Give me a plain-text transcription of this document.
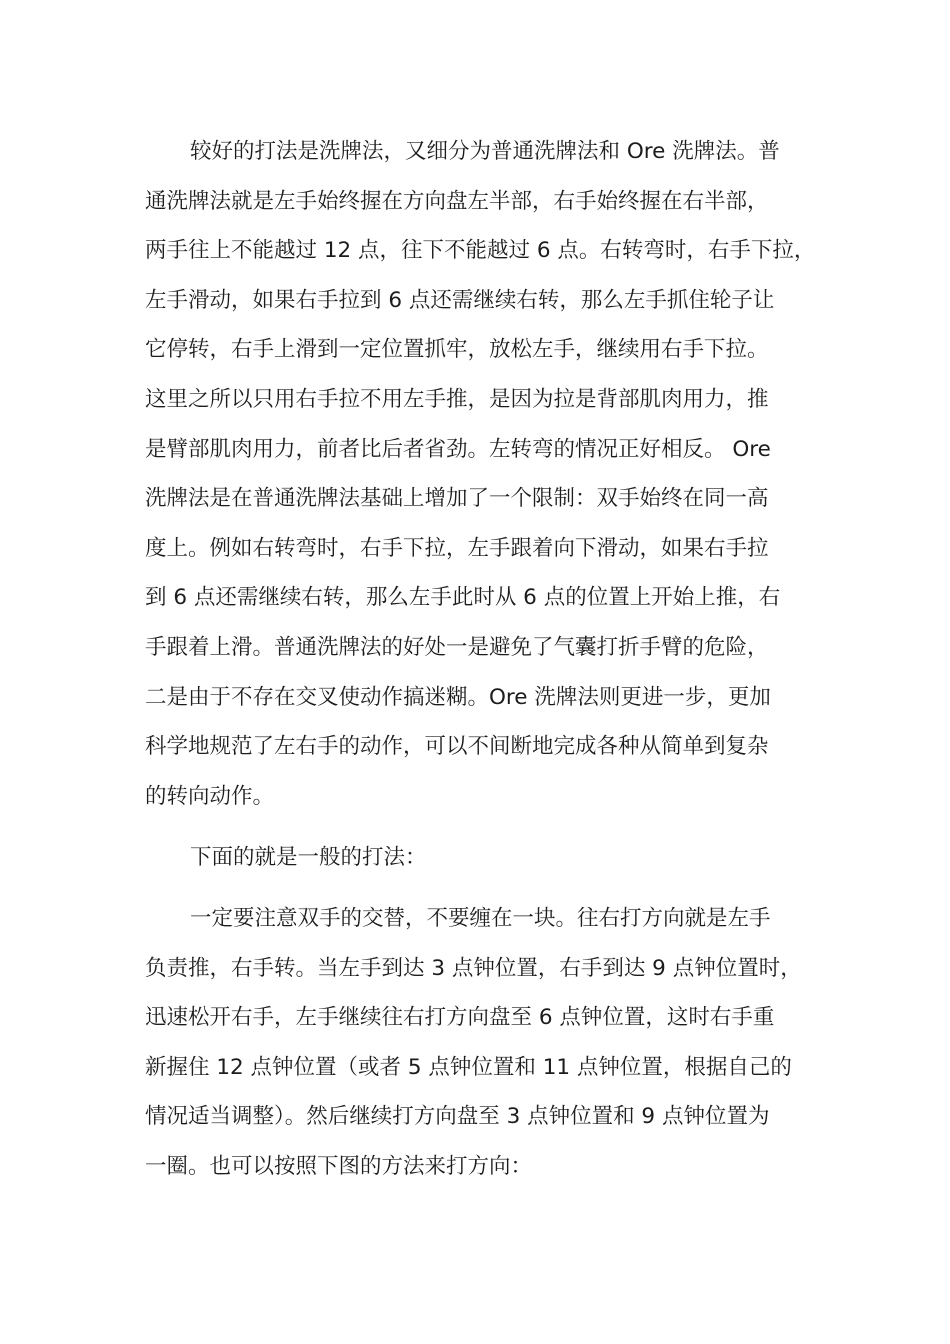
较好的打法是洗牌法，又细分为普通洗牌法和 Ore 洗牌法。普
通洗牌法就是左手始终握在方向盘左半部，右手始终握在右半部，
两手往上不能越过 12 点，往下不能越过 6 点。右转弯时，右手下拉，
左手滑动，如果右手拉到 6 点还需继续右转，那么左手抓住轮子让
它停转，右手上滑到一定位置抓牢，放松左手，继续用右手下拉。
这里之所以只用右手拉不用左手推，是因为拉是背部肌肉用力，推
是臂部肌肉用力，前者比后者省劲。左转弯的情况正好相反。 Ore
洗牌法是在普通洗牌法基础上增加了一个限制：双手始终在同一高
度上。例如右转弯时，右手下拉，左手跟着向下滑动，如果右手拉
到 6 点还需继续右转，那么左手此时从 6 点的位置上开始上推，右
手跟着上滑。普通洗牌法的好处一是避免了气囊打折手臂的危险，
二是由于不存在交叉使动作搞迷糊。Ore 洗牌法则更进一步，更加
科学地规范了左右手的动作，可以不间断地完成各种从简单到复杂
的转向动作。
下面的就是一般的打法：
一定要注意双手的交替，不要缠在一块。往右打方向就是左手
负责推，右手转。当左手到达 3 点钟位置，右手到达 9 点钟位置时，
迅速松开右手，左手继续往右打方向盘至 6 点钟位置，这时右手重
新握住 12 点钟位置（或者 5 点钟位置和 11 点钟位置，根据自己的
情况适当调整）。然后继续打方向盘至 3 点钟位置和 9 点钟位置为
一圈。也可以按照下图的方法来打方向：
